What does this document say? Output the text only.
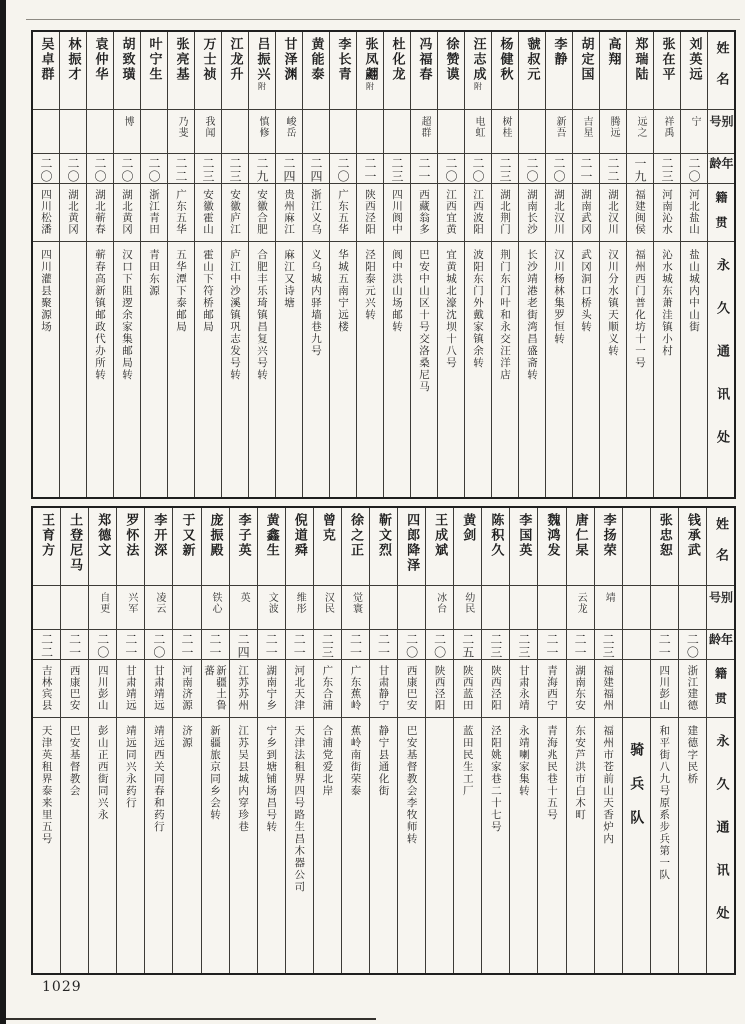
姓名
别号
年龄
籍贯
永久通讯处
刘英远
宁
二〇
河北盐山
盐山城内中山街
张在平
祥禹
二三
河南沁水
沁水城东萧洼镇小村
郑瑞陆
远之
一九
福建闽侯
福州西门普化坊十一号
高翔
腾远
二二
湖北汉川
汉川分水镇天顺义转
胡定国
吉星
二一
湖南武冈
武冈洞口桥头转
李静
新吾
二〇
湖北汉川
汉川杨林集罗恒转
虢叔元
二〇
湖南长沙
长沙靖港老街湾昌盛斋转
杨健秋
树桂
二三
湖北荆门
荆门东门叶和永交汪洋店
汪志成附
电虹
二〇
江西波阳
波阳东门外戴家镇余转
徐赞谟
二〇
江西宜黄
宜黄城北濠沈坝十八号
冯福春
超群
二一
西藏翁多
巴安中山区十号交洛桑尼马
杜化龙
二三
四川阆中
阆中洪山场邮转
张凤翽附
二一
陕西泾阳
泾阳泰元兴转
李长青
二〇
广东五华
华城五南宁远楼
黄能泰
二四
浙江义乌
义乌城内驿墙巷九号
甘泽渊
峻岳
二四
贵州麻江
麻江又诗塘
吕振兴附
慎修
二九
安徽合肥
合肥丰乐琦镇昌复兴号转
江龙升
二三
安徽庐江
庐江中沙溪镇巩志发号转
万士祯
我闻
二三
安徽霍山
霍山下符桥邮局
张亮基
乃斐
二二
广东五华
五华潭下泰邮局
叶宁生
二〇
浙江青田
青田东源
胡致璜
博
二〇
湖北黄冈
汉口下阻逻余家集邮局转
袁仲华
二〇
湖北蕲春
蕲春高新镇邮政代办所转
林振才
二〇
湖北黄冈
吴卓群
二〇
四川松潘
四川灌县聚源场
姓名
别号
年龄
籍贯
永久通讯处
钱承武
二〇
浙江建德
建德字民桥
张忠恕
二一
四川彭山
和平街八九号原系步兵第一队
骑兵队
李扬荣
靖
二三
福建福州
福州市苍前山天香炉内
唐仁杲
云龙
二一
湖南东安
东安芦洪市白木町
魏鸿发
二一
青海西宁
青海兆民巷十五号
李国英
二三
甘肃永靖
永靖喇家集转
陈积久
二三
陕西泾阳
泾阳姚家巷二十七号
黄剑
幼民
二五
陕西蓝田
蓝田民生工厂
王成斌
冰台
二〇
陕西泾阳
四郎降泽
二〇
西康巴安
巴安基督教会李牧师转
靳文烈
二一
甘肃静宁
静宁县通化街
徐之正
觉寰
二一
广东蕉岭
蕉岭南街荣泰
曾克
汉民
二三
广东合浦
合浦党爱北岸
倪道舜
维彤
二一
河北天津
天津法租界四号路生昌木器公司
黄鑫生
文波
二一
湖南宁乡
宁乡到塘铺场昌号转
李子英
英
二四
江苏苏州
江苏吴县城内穿珍巷
庞振殿
铁心
二一
新疆土鲁蕃
新疆旅京同乡会转
于又新
二一
河南济源
济源
李开深
凌云
二〇
甘肃靖远
靖远西关同春和药行
罗怀法
兴军
二一
甘肃靖远
靖远同兴永药行
郑德文
自更
二〇
四川彭山
彭山正西街同兴永
土登尼马
二一
西康巴安
巴安基督教会
王育方
二二
吉林宾县
天津英租界泰来里五号
1029
